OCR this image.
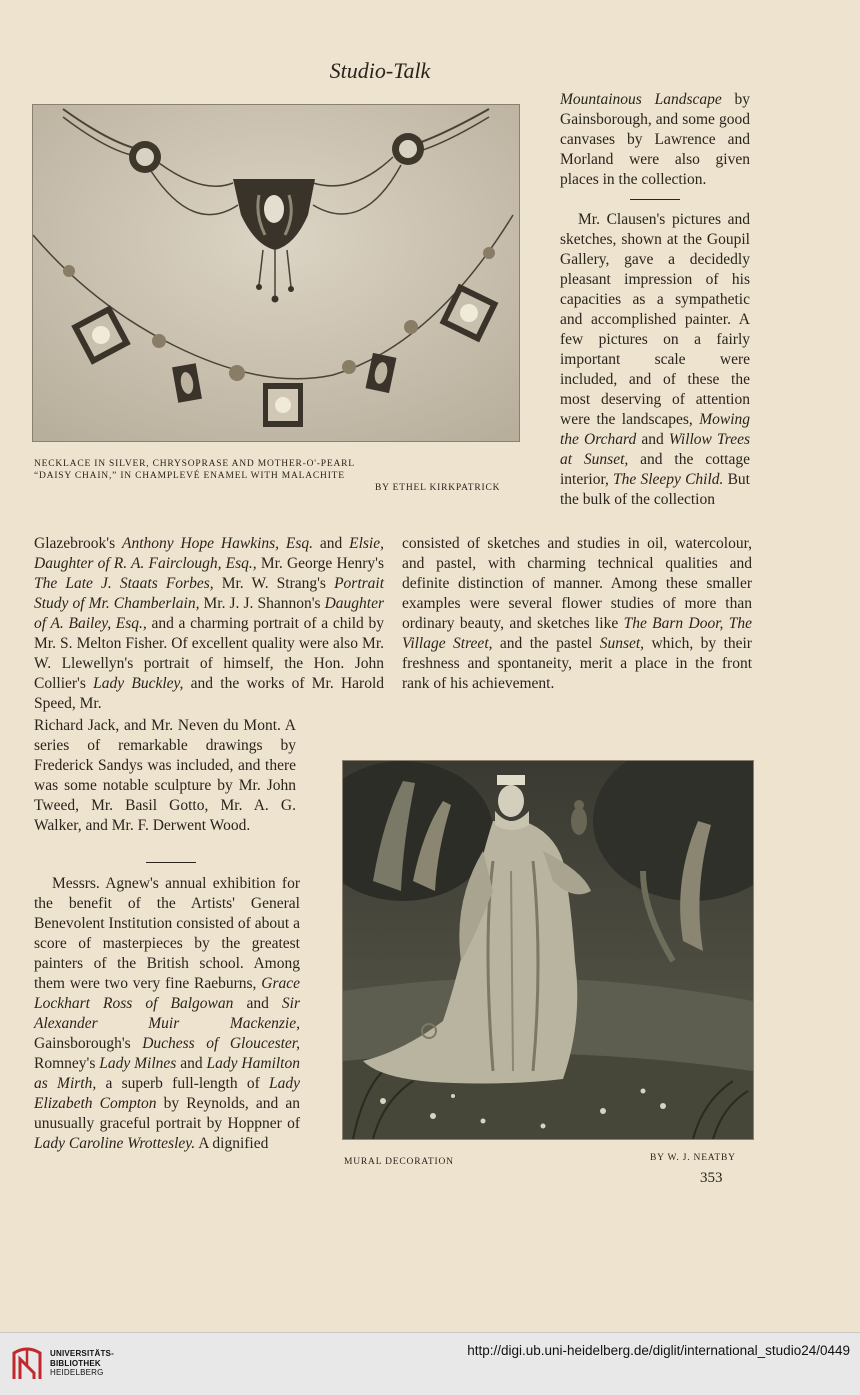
Studio-Talk
NECKLACE IN SILVER, CHRYSOPRASE AND MOTHER-O'-PEARL
“DAISY CHAIN,” IN CHAMPLEVÉ ENAMEL WITH MALACHITE
BY ETHEL KIRKPATRICK

Mountainous Landscape by Gainsborough, and some good canvases by Lawrence and Morland were also given places in the collection.

Mr. Clausen's pictures and sketches, shown at the Goupil Gallery, gave a decidedly pleasant impression of his capacities as a sympathetic and accomplished painter. A few pictures on a fairly important scale were included, and of these the most deserving of attention were the landscapes, Mowing the Orchard and Willow Trees at Sunset, and the cottage interior, The Sleepy Child. But the bulk of the collection

consisted of sketches and studies in oil, watercolour, and pastel, with charming technical qualities and definite distinction of manner. Among these smaller examples were several flower studies of more than ordinary beauty, and sketches like The Barn Door, The Village Street, and the pastel Sunset, which, by their freshness and spontaneity, merit a place in the front rank of his achievement.

Glazebrook's Anthony Hope Hawkins, Esq. and Elsie, Daughter of R. A. Fairclough, Esq., Mr. George Henry's The Late J. Staats Forbes, Mr. W. Strang's Portrait Study of Mr. Chamberlain, Mr. J. J. Shannon's Daughter of A. Bailey, Esq., and a charming portrait of a child by Mr. S. Melton Fisher. Of excellent quality were also Mr. W. Llewellyn's portrait of himself, the Hon. John Collier's Lady Buckley, and the works of Mr. Harold Speed, Mr.

Richard Jack, and Mr. Neven du Mont. A series of remarkable drawings by Frederick Sandys was included, and there was some notable sculpture by Mr. John Tweed, Mr. Basil Gotto, Mr. A. G. Walker, and Mr. F. Derwent Wood.

Messrs. Agnew's annual exhibition for the benefit of the Artists' General Benevolent Institution consisted of about a score of masterpieces by the greatest painters of the British school. Among them were two very fine Raeburns, Grace Lockhart Ross of Balgowan and Sir Alexander Muir Mackenzie, Gainsborough's Duchess of Gloucester, Romney's Lady Milnes and Lady Hamilton as Mirth, a superb full-length of Lady Elizabeth Compton by Reynolds, and an unusually graceful portrait by Hoppner of Lady Caroline Wrottesley. A dignified

MURAL DECORATION	BY W. J. NEATBY
353
UNIVERSITÄTS-
BIBLIOTHEK
HEIDELBERG
http://digi.ub.uni-heidelberg.de/diglit/international_studio24/0449
